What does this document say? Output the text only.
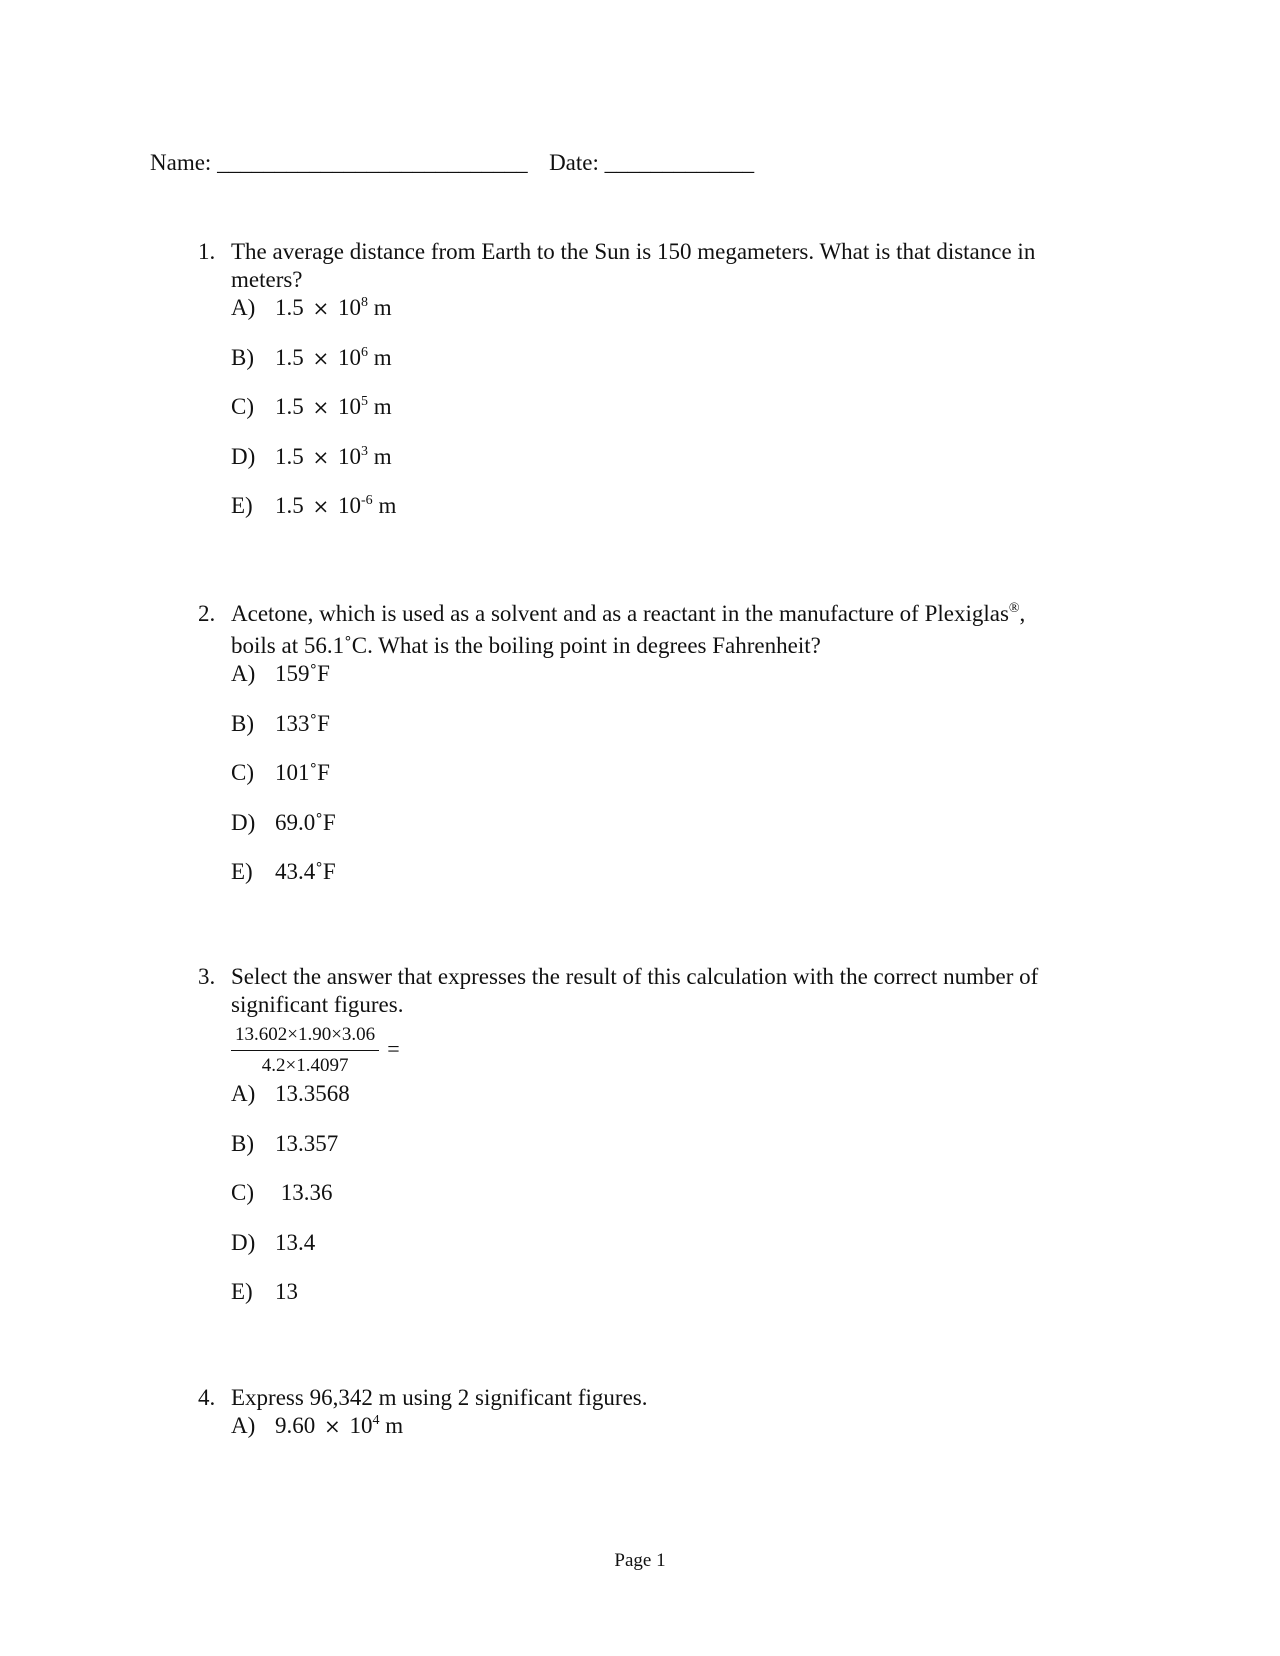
Name: ___________________________ Date: _____________
1. The average distance from Earth to the Sun is 150 megameters. What is that distance in
meters?
A) $1.5 \times 10^8$ m
B) $1.5 \times 10^6$ m
C) $1.5 \times 10^5$ m
D) $1.5 \times 10^3$ m
E) $1.5 \times 10^{-6}$ m
2. Acetone, which is used as a solvent and as a reactant in the manufacture of Plexiglas®,
boils at 56.1˚C. What is the boiling point in degrees Fahrenheit?
A) 159˚F
B) 133˚F
C) 101˚F
D) 69.0˚F
E) 43.4˚F
3. Select the answer that expresses the result of this calculation with the correct number of
significant figures.
$\frac{13.602\times 1.90\times 3.06}{4.2\times 1.4097}$ =
A) 13.3568
B) 13.357
C) 13.36
D) 13.4
E) 13
4. Express 96,342 m using 2 significant figures.
A) $9.60 \times 10^4$ m
Page 1
